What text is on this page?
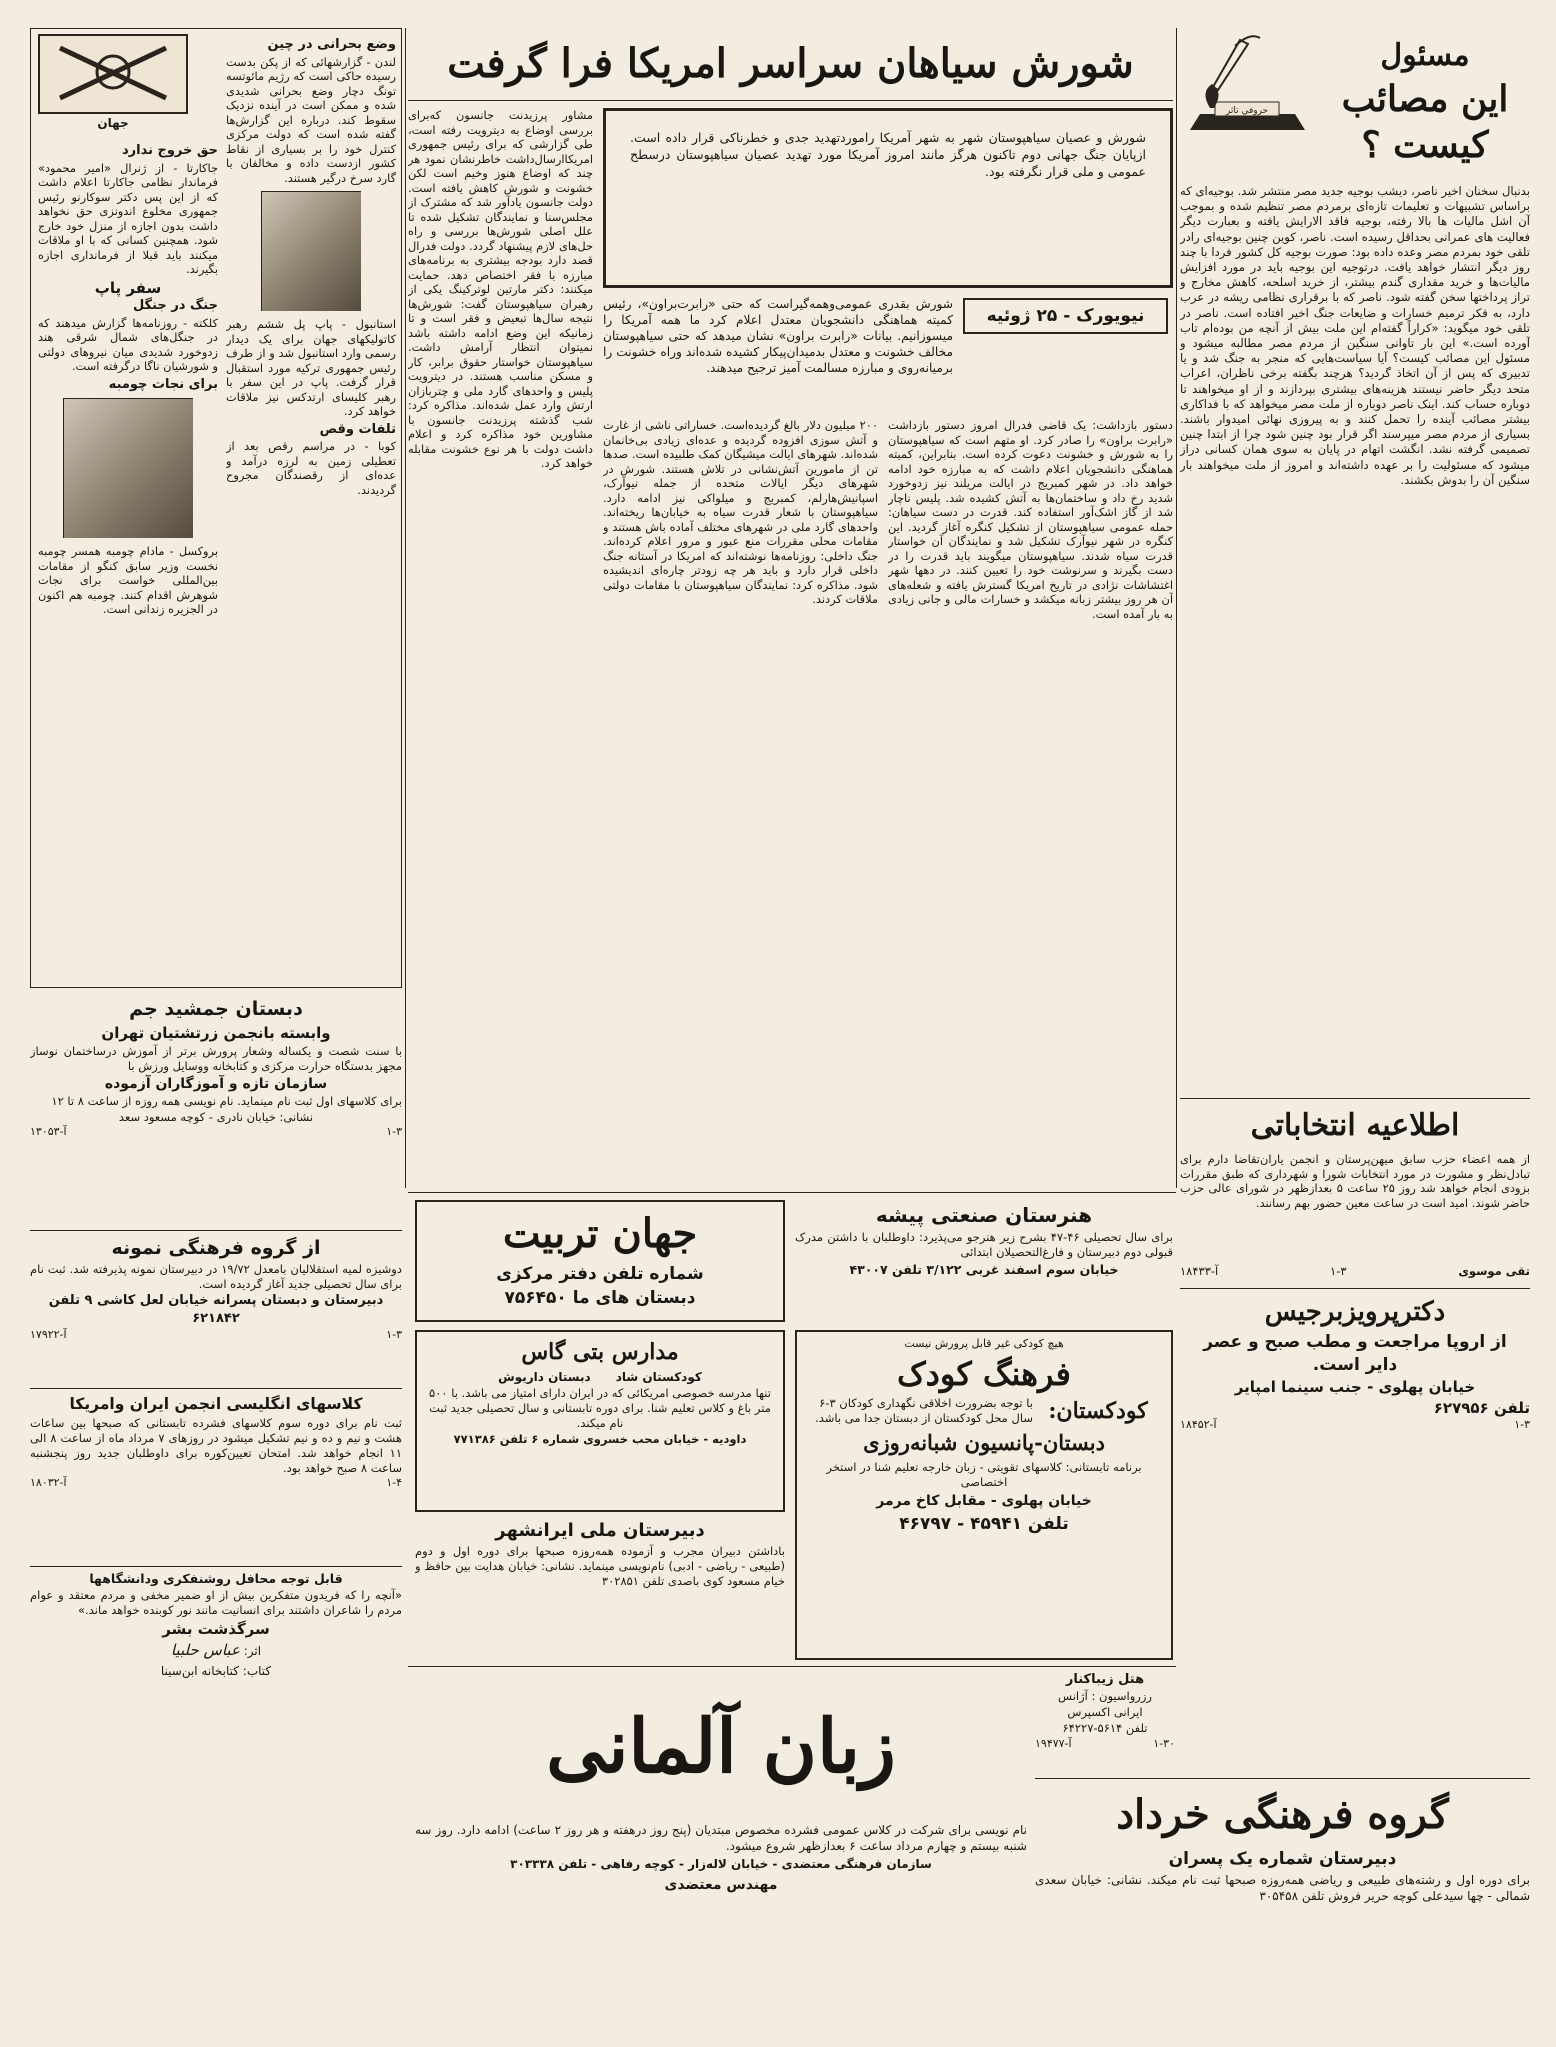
حروفي تاثر
مسئول
این مصائب
کیست ؟
بدنبال سخنان اخیر ناصر، دیشب بوجیه جدید مصر منتشر شد. بوجیه‌ای که براساس تشبیهات و تعلیمات تازه‌ای برمردم مصر تنظیم شده و بموجب آن اشل مالیات ها بالا رفته، بوجیه فاقد الارایش یافته و بعبارت دیگر فعالیت های عمرانی بحداقل رسیده است. ناصر، کوین چنین بوجیه‌ای رادر تلقی خود بمردم مصر وعده داده بود: صورت بوجیه کل کشور فردا با چند روز دیگر انتشار خواهد یافت. درتوجیه این بوجیه باید در مورد افزایش مالیات‌ها و خرید مقداری گندم بیشتر، از خرید اسلحه، کاهش مخارج و تراز پرداختها سخن گفته شود. ناصر که با برقراری نظامی ریشه در عرب دارد، به فکر ترمیم خسارات و ضایعات جنگ اخیر افتاده است. ناصر در تلقی خود میگوید: «کراراً گفته‌ام این ملت بیش از آنچه من بوده‌ام تاب آورده است.» این بار تاوانی سنگین از مردم مصر مطالبه میشود و مسئول این مصائب کیست؟ آیا سیاست‌هایی که منجر به جنگ شد و یا تدبیری که پس از آن اتخاذ گردید؟ هرچند بگفته برخی ناظران، اعراب متحد دیگر حاضر نیستند هزینه‌های بیشتری بپردازند و از او میخواهند تا دوباره حساب کند. اینک ناصر دوباره از ملت مصر میخواهد که با فداکاری بیشتر مصائب آینده را تحمل کنند و به پیروزی نهائی امیدوار باشند. بسیاری از مردم مصر میپرسند اگر قرار بود چنین شود چرا از ابتدا چنین تصمیمی گرفته نشد. انگشت اتهام در پایان به سوی همان کسانی دراز میشود که مسئولیت را بر عهده داشته‌اند و امروز از ملت میخواهند بار سنگین آن را بدوش بکشند.
اطلاعیه انتخاباتی
از همه اعضاء حزب سابق میهن‌پرستان و انجمن یاران‌تقاضا دارم برای تبادل‌نظر و مشورت در مورد انتخابات شورا و شهرداری که طبق مقررات بزودی انجام خواهد شد روز ۲۵ ساعت ۵ بعدازظهر در شورای عالی حزب حاضر شوند. امید است در ساعت معین حضور بهم رسانند.
آ-۱۸۴۳۳	۱-۳	تقی موسوی
دکترپرویزبرجیس
از اروپا مراجعت و مطب صبح و عصر
دایر است.
خیابان پهلوی - جنب سینما امپایر
تلفن ۶۲۷۹۵۶
آ-۱۸۴۵۲	۱-۳
شورش سیاهان سراسر امریکا فرا گرفت
مشاور پرزیدنت جانسون که‌برای بررسی اوضاع به دیترویت رفته است، طی گزارشی که برای رئیس جمهوری امریکاارسال‌داشت خاطرنشان نمود هر چند که اوضاع هنوز وخیم است لکن خشونت و شورش کاهش یافته است. دولت جانسون یادآور شد که مشترک از مجلس‌سنا و نمایندگان ‌تشکیل شده تا علل اصلی شورش‌ها بررسی و راه حل‌های لازم پیشنهاد گردد. دولت فدرال قصد دارد بودجه بیشتری به برنامه‌های مبارزه با فقر اختصاص دهد. حمایت میکنند: دکتر مارتین لوترکینگ یکی از رهبران سیاهپوستان گفت: شورش‌ها نتیجه سال‌ها تبعیض و فقر است و تا زمانیکه این وضع ادامه داشته باشد نمیتوان انتظار آرامش داشت. سیاهپوستان خواستار حقوق برابر، کار و مسکن مناسب هستند. در دیترویت پلیس و واحدهای گارد ملی و چتربازان ارتش وارد عمل شده‌اند. مذاکره کرد: شب گذشته پرزیدنت جانسون با مشاورین خود مذاکره کرد و اعلام داشت دولت با هر نوع خشونت مقابله خواهد کرد.
شورش و عصیان سیاهپوستان شهر به شهر آمریکا راموردتهدید جدی و خطرناکی قرار داده است. ازپایان جنگ جهانی دوم تاکنون هرگز مانند امروز آمریکا مورد تهدید عصیان سیاهپوستان درسطح عمومی و ملی قرار نگرفته بود.
نیویورک - ۲۵ ژوئیه
شورش بقدری عمومی‌وهمه‌گیراست که حتی «رابرت‌براون»، رئیس کمیته هماهنگی دانشجویان معتدل اعلام کرد ما همه آمریکا را میسوزانیم. بیانات «رابرت براون» نشان میدهد که حتی سیاهپوستان مخالف خشونت و معتدل بدمیدان‌پیکار کشیده شده‌اند وراه خشونت را برمیانه‌روی و مبارزه مسالمت آمیز ترجیح میدهند.
۲۰۰ میلیون دلار بالغ گردیده‌است. خساراتی ناشی از غارت و آتش سوزی افزوده گردیده و عده‌ای زیادی بی‌خانمان شده‌اند. شهرهای ایالت میشیگان کمک طلبیده است. صدها تن از مامورین آتش‌نشانی در تلاش هستند. شورش در شهرهای دیگر ایالات متحده از جمله نیوآرک، اسپانیش‌هارلم، کمبریج و میلواکی نیز ادامه دارد. سیاهپوستان با شعار قدرت سیاه به خیابان‌ها ریخته‌اند. واحدهای گارد ملی در شهرهای مختلف آماده باش هستند و مقامات محلی مقررات منع عبور و مرور اعلام کرده‌اند. جنگ داخلی: روزنامه‌ها نوشته‌اند که امریکا در آستانه جنگ داخلی قرار دارد و باید هر چه زودتر چاره‌ای اندیشیده شود. مذاکره کرد: نمایندگان سیاهپوستان با مقامات دولتی ملاقات کردند.
دستور بازداشت: یک قاضی فدرال امروز دستور بازداشت «رابرت براون» را صادر کرد. او متهم است که سیاهپوستان را به شورش و خشونت دعوت کرده است. بنابراین، کمیته هماهنگی دانشجویان اعلام داشت که به مبارزه خود ادامه خواهد داد. در شهر کمبریج در ایالت مریلند نیز زدوخورد شدید رخ داد و ساختمان‌ها به آتش کشیده شد. پلیس ناچار شد از گاز اشک‌آور استفاده کند. قدرت در دست سیاهان: حمله عمومی سیاهپوستان از تشکیل کنگره آغاز گردید. این کنگره در شهر نیوآرک تشکیل شد و نمایندگان آن خواستار قدرت سیاه شدند. سیاهپوستان میگویند باید قدرت را در دست بگیرند و سرنوشت خود را تعیین کنند. در دهها شهر اغتشاشات نژادی در تاریخ امریکا گسترش یافته و شعله‌های آن هر روز بیشتر زبانه میکشد و خسارات مالی و جانی زیادی به بار آمده است.
۲۰
جهان
وضع بحرانی در چین
لندن - گزارشهائی که از پکن بدست رسیده حاکی است که رژیم مائوتسه تونگ دچار وضع بحرانی شدیدی شده و ممکن است در آینده نزدیک سقوط کند. درباره این گزارش‌ها گفته شده است که دولت مرکزی کنترل خود را بر بسیاری از نقاط کشور ازدست داده و مخالفان با گارد سرخ درگیر هستند.
استانبول - پاپ پل ششم رهبر کاتولیکهای جهان برای یک دیدار رسمی وارد استانبول شد و از طرف رئیس جمهوری ترکیه مورد استقبال قرار گرفت. پاپ در این سفر با رهبر کلیسای ارتدکس نیز ملاقات خواهد کرد.
تلفات وقص
کوبا - در مراسم رقص بعد از تعطیلی زمین به لرزه درآمد و عده‌ای از رقصندگان مجروح گردیدند.
حق خروج ندارد
جاکارتا - از ژنرال «امیر محمود» فرماندار نظامی جاکارتا اعلام داشت که از این پس دکتر سوکارنو رئیس جمهوری مخلوع اندونزی حق نخواهد داشت بدون اجازه از منزل خود خارج شود. همچنین کسانی که با او ملاقات میکنند باید قبلا از فرمانداری اجازه بگیرند.
سفر پاپ
جنگ در جنگل
کلکته - روزنامه‌ها گزارش میدهند که در جنگل‌های شمال شرقی هند زدوخورد شدیدی میان نیروهای دولتی و شورشیان ناگا درگرفته است.
برای نجات چومبه
بروکسل - مادام چومبه همسر چومبه نخست وزیر سابق کنگو از مقامات بین‌المللی خواست برای نجات شوهرش اقدام کنند. چومبه هم اکنون در الجزیره زندانی است.
دبستان جمشید جم
وابسته بانجمن زرتشتیان تهران
با سنت شصت و یکساله وشعار پرورش برتر از آموزش درساختمان نوساز مجهز بدستگاه حرارت مرکزی و کتابخانه ووسایل ورزش با
سازمان تازه و آموزگاران آزموده
برای کلاسهای اول ثبت نام مینماید. نام نویسی همه روزه از ساعت ۸ تا ۱۲
نشانی: خیابان نادری - کوچه مسعود سعد
آ-۱۳۰۵۳	۱-۳
از گروه فرهنگی نمونه
دوشیزه لمیه استقلالیان بامعدل ۱۹/۷۲ در دبیرستان نمونه پذیرفته شد. ثبت نام برای سال تحصیلی جدید آغاز گردیده است.
دبیرستان و دبستان پسرانه خیابان لعل کاشی ۹ تلفن ۶۲۱۸۴۲
آ-۱۷۹۲۲	۱-۳
کلاسهای انگلیسی انجمن ایران وامریکا
ثبت نام برای دوره سوم کلاسهای فشرده تابستانی که صبحها بین ساعات هشت و نیم و ده و نیم تشکیل میشود در روزهای ۷ مرداد ماه از ساعت ۸ الی ۱۱ انجام خواهد شد. امتحان تعیین‌کوره برای داوطلبان جدید روز پنجشنبه ساعت ۸ صبح خواهد بود.
آ-۱۸۰۳۲	۱-۴
قابل توجه محافل روشنفکری ودانشگاهها
«آنچه را که فریدون متفکرین بیش از او ضمیر مخفی و مردم معتقد و عوام مردم را شاعران داشتند برای انسانیت مانند نور کوبنده خواهد ماند.»
سرگذشت بشر
اثر: عباس حلبیا
کتاب: کتابخانه ابن‌سینا
جهان تربیت
شماره تلفن دفتر مرکزی
دبستان های ما ۷۵۶۴۵۰
هنرستان صنعتی پیشه
برای سال تحصیلی ۴۶-۴۷ بشرح زیر هنرجو می‌پذیرد: داوطلبان با داشتن مدرک قبولی دوم دبیرستان و فارغ‌التحصیلان ابتدائی
خیابان سوم اسفند غربی ۳/۱۲۲ تلفن ۴۳۰۰۷
مدارس بتی گاس
کودکستان شاد      دبستان داریوش
تنها مدرسه خصوصی امریکائی که در ایران دارای امتیاز می باشد. با ۵۰۰ متر باغ و کلاس تعلیم شنا. برای دوره تابستانی و سال تحصیلی جدید ثبت نام میکند.
داودیه - خیابان محب خسروی شماره ۶ تلفن ۷۷۱۳۸۶
هیچ کودکی غیر قابل پرورش نیست
فرهنگ کودک
کودکستان:
با توجه بضرورت اخلاقی نگهداری کودکان ۳-۶ سال محل کودکستان از دبستان جدا می باشد.
دبستان-پانسیون شبانه‌روزی
برنامه تابستانی: کلاسهای تقویتی - زبان خارجه تعلیم شنا در استخر اختصاصی
خیابان پهلوی - مقابل کاخ مرمر
تلفن ۴۵۹۴۱ - ۴۶۷۹۷
دبیرستان ملی ایرانشهر
باداشتن دبیران مجرب و آزموده همه‌روزه صبحها برای دوره اول و دوم (طبیعی - ریاضی - ادبی) نام‌نویسی مینماید. نشانی: خیابان هدایت بین حافظ و خیام مسعود کوی باصدی تلفن ۳۰۲۸۵۱
هتل زیباکنار
رزرواسیون : آژانس
ایرانی اکسپرس
تلفن ۵۶۱۴-۶۴۲۲۷
آ-۱۹۴۷۷	۱-۳۰
زبان آلمانی
نام نویسی برای شرکت در کلاس عمومی فشرده مخصوص مبتدیان (پنج روز درهفته و هر روز ۲ ساعت) ادامه دارد. روز سه شنبه بیستم و چهارم مرداد ساعت ۶ بعدازظهر شروع میشود.
سازمان فرهنگی معتضدی - خیابان لاله‌زار - کوچه رفاهی - تلفن ۳۰۳۳۳۸
مهندس معتضدی
گروه فرهنگی خرداد
دبیرستان شماره یک پسران
برای دوره اول و رشته‌های طبیعی و ریاضی همه‌روزه صبحها ثبت نام میکند. نشانی: خیابان سعدی شمالی - چها سیدعلی کوچه حریر فروش تلفن ۳۰۵۴۵۸
